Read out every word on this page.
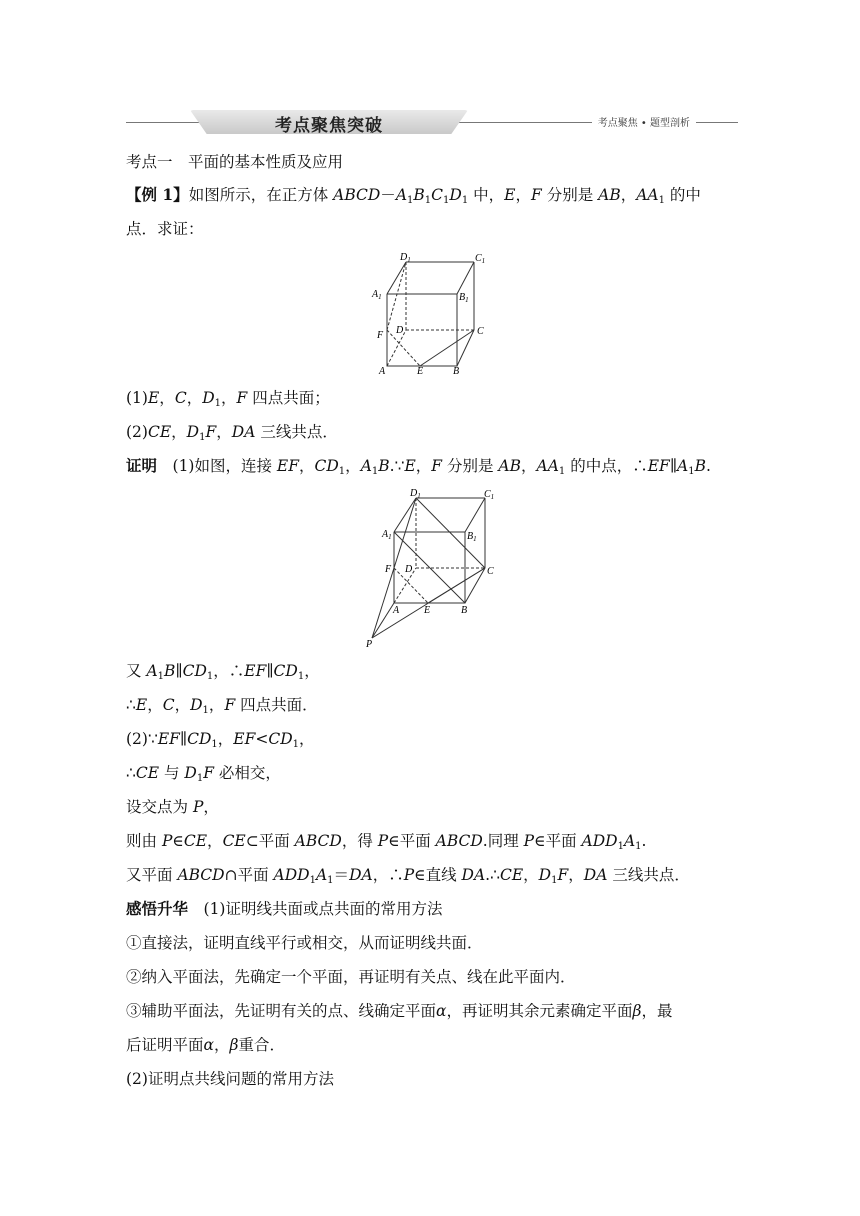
考点聚焦突破	考点聚焦 • 题型剖析
考点一　平面的基本性质及应用
【例 1】如图所示，在正方体 $ABCD-A_1B_1C_1D_1$ 中，E，F 分别是 AB，$AA_1$ 的中
点．求证：
$D_1$	$C_1$
$A_1$	$B_1$
F D	C
A	E	B
(1)E，C，$D_1$，F 四点共面；
(2)CE，$D_1F$，DA 三线共点．
证明　(1)如图，连接 EF，$CD_1$，$A_1B.\because E$，F 分别是 AB，$AA_1$ 的中点，$\therefore EF\parallel A_1B$.
$D_1$	$C_1$
$A_1$	$B_1$
F D	C
A E	B
P
又 $A_1B\parallel CD_1$，$\therefore EF\parallel CD_1$，
∴E，C，$D_1$，F 四点共面．
$(2)\because EF\parallel CD_1$，$EF<CD_1$，
∴CE 与 $D_1F$ 必相交，
设交点为 P，
则由 P∈CE，CE⊂平面 ABCD，得 P∈平面 ABCD.同理 P∈平面 $ADD_1A_1$.
又平面 ABCD∩平面 $ADD_1A_1=DA$，∴P∈直线 DA.∴CE，$D_1F$，DA 三线共点．
感悟升华　(1)证明线共面或点共面的常用方法
①直接法，证明直线平行或相交，从而证明线共面．
②纳入平面法，先确定一个平面，再证明有关点、线在此平面内．
③辅助平面法，先证明有关的点、线确定平面α，再证明其余元素确定平面β，最
后证明平面α，β重合．
(2)证明点共线问题的常用方法
